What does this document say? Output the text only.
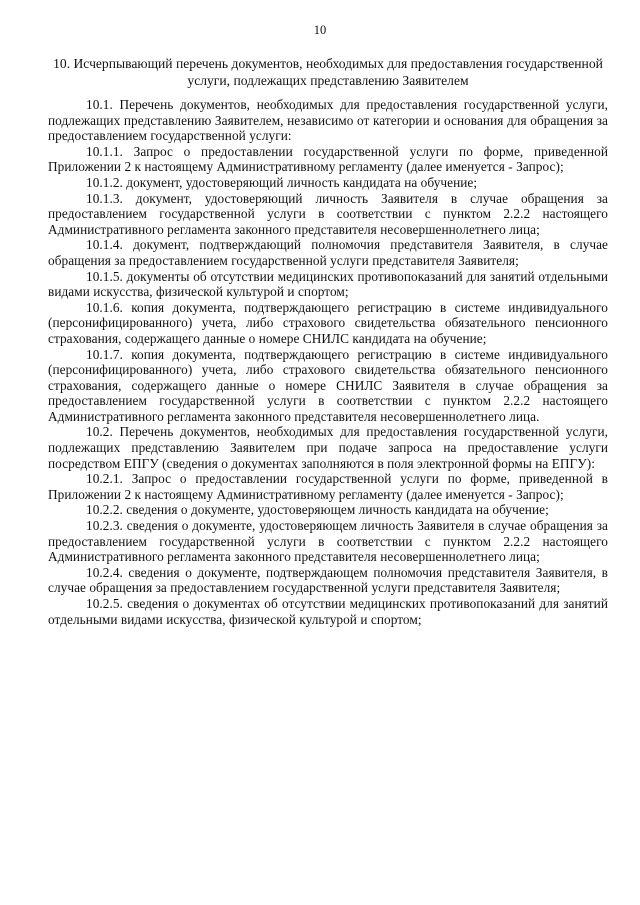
10
10. Исчерпывающий перечень документов, необходимых для предоставления государственной услуги, подлежащих представлению Заявителем

10.1. Перечень документов, необходимых для предоставления государственной услуги, подлежащих представлению Заявителем, независимо от категории и основания для обращения за предоставлением государственной услуги:

10.1.1. Запрос о предоставлении государственной услуги по форме, приведенной Приложении 2 к настоящему Административному регламенту (далее именуется - Запрос);

10.1.2. документ, удостоверяющий личность кандидата на обучение;

10.1.3. документ, удостоверяющий личность Заявителя в случае обращения за предоставлением государственной услуги в соответствии с пунктом 2.2.2 настоящего Административного регламента законного представителя несовершеннолетнего лица;

10.1.4. документ, подтверждающий полномочия представителя Заявителя, в случае обращения за предоставлением государственной услуги представителя Заявителя;

10.1.5. документы об отсутствии медицинских противопоказаний для занятий отдельными видами искусства, физической культурой и спортом;

10.1.6. копия документа, подтверждающего регистрацию в системе индивидуального (персонифицированного) учета, либо страхового свидетельства обязательного пенсионного страхования, содержащего данные о номере СНИЛС кандидата на обучение;

10.1.7. копия документа, подтверждающего регистрацию в системе индивидуального (персонифицированного) учета, либо страхового свидетельства обязательного пенсионного страхования, содержащего данные о номере СНИЛС Заявителя в случае обращения за предоставлением государственной услуги в соответствии с пунктом 2.2.2 настоящего Административного регламента законного представителя несовершеннолетнего лица.

10.2. Перечень документов, необходимых для предоставления государственной услуги, подлежащих представлению Заявителем при подаче запроса на предоставление услуги посредством ЕПГУ (сведения о документах заполняются в поля электронной формы на ЕПГУ):

10.2.1. Запрос о предоставлении государственной услуги по форме, приведенной в Приложении 2 к настоящему Административному регламенту (далее именуется - Запрос);

10.2.2. сведения о документе, удостоверяющем личность кандидата на обучение;

10.2.3. сведения о документе, удостоверяющем личность Заявителя в случае обращения за предоставлением государственной услуги в соответствии с пунктом 2.2.2 настоящего Административного регламента законного представителя несовершеннолетнего лица;

10.2.4. сведения о документе, подтверждающем полномочия представителя Заявителя, в случае обращения за предоставлением государственной услуги представителя Заявителя;

10.2.5. сведения о документах об отсутствии медицинских противопоказаний для занятий отдельными видами искусства, физической культурой и спортом;
